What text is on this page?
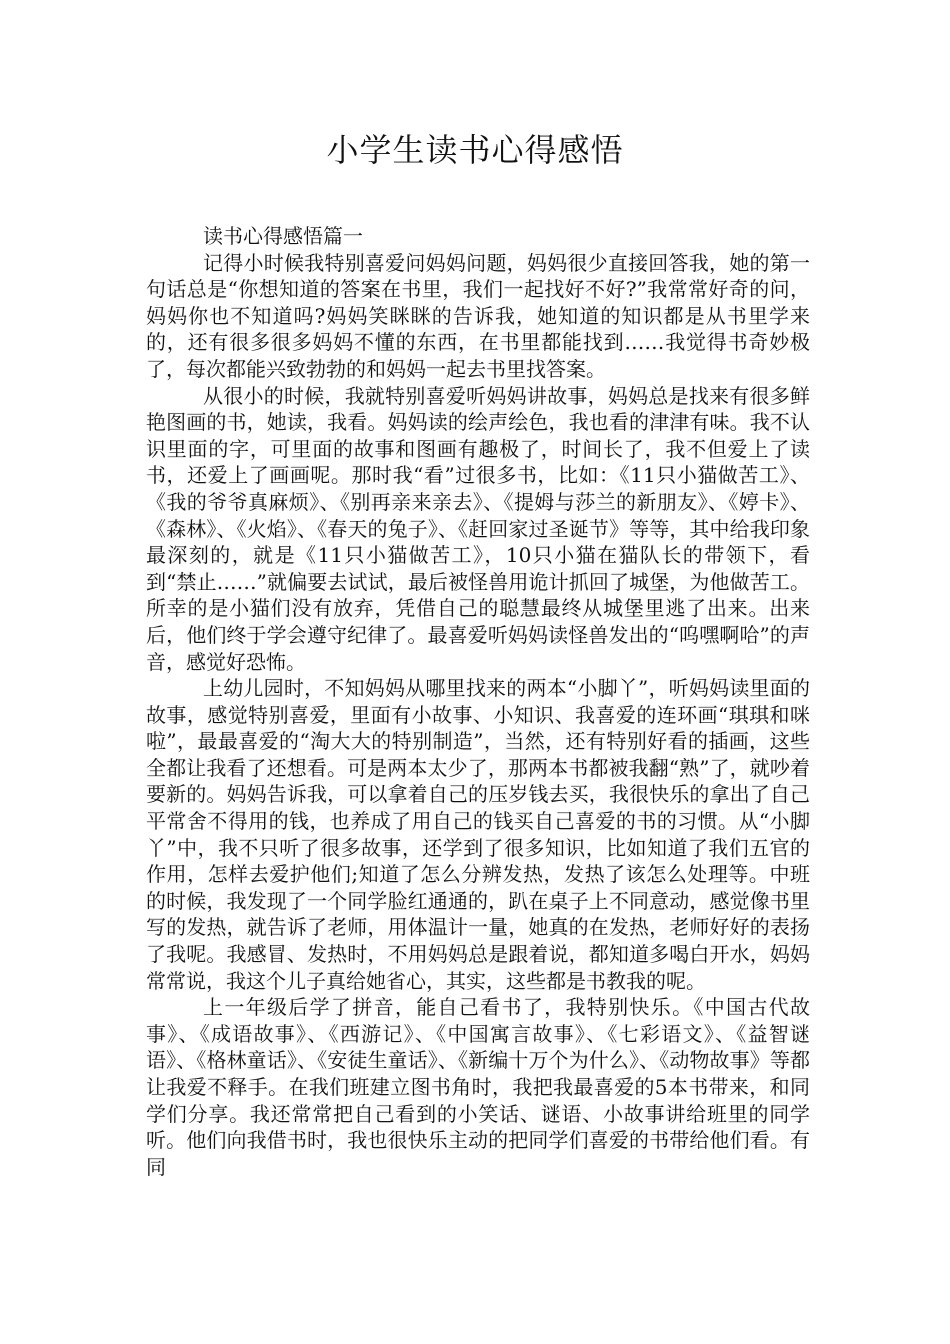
小学生读书心得感悟

读书心得感悟篇一

记得小时候我特别喜爱问妈妈问题，妈妈很少直接回答我，她的第一句话总是“你想知道的答案在书里，我们一起找好不好?”我常常好奇的问，妈妈你也不知道吗?妈妈笑眯眯的告诉我，她知道的知识都是从书里学来的，还有很多很多妈妈不懂的东西，在书里都能找到……我觉得书奇妙极了，每次都能兴致勃勃的和妈妈一起去书里找答案。

从很小的时候，我就特别喜爱听妈妈讲故事，妈妈总是找来有很多鲜艳图画的书，她读，我看。妈妈读的绘声绘色，我也看的津津有味。我不认识里面的字，可里面的故事和图画有趣极了，时间长了，我不但爱上了读书，还爱上了画画呢。那时我“看”过很多书，比如：《11只小猫做苦工》、《我的爷爷真麻烦》、《别再亲来亲去》、《提姆与莎兰的新朋友》、《婷卡》、《森林》、《火焰》、《春天的兔子》、《赶回家过圣诞节》等等，其中给我印象最深刻的，就是《11只小猫做苦工》，10只小猫在猫队长的带领下，看到“禁止……”就偏要去试试，最后被怪兽用诡计抓回了城堡，为他做苦工。所幸的是小猫们没有放弃，凭借自己的聪慧最终从城堡里逃了出来。出来后，他们终于学会遵守纪律了。最喜爱听妈妈读怪兽发出的“呜嘿啊哈”的声音，感觉好恐怖。

上幼儿园时，不知妈妈从哪里找来的两本“小脚丫”，听妈妈读里面的故事，感觉特别喜爱，里面有小故事、小知识、我喜爱的连环画“琪琪和咪啦”，最最喜爱的“淘大大的特别制造”，当然，还有特别好看的插画，这些全都让我看了还想看。可是两本太少了，那两本书都被我翻“熟”了，就吵着要新的。妈妈告诉我，可以拿着自己的压岁钱去买，我很快乐的拿出了自己平常舍不得用的钱，也养成了用自己的钱买自己喜爱的书的习惯。从“小脚丫”中，我不只听了很多故事，还学到了很多知识，比如知道了我们五官的作用，怎样去爱护他们;知道了怎么分辨发热，发热了该怎么处理等。中班的时候，我发现了一个同学脸红通通的，趴在桌子上不同意动，感觉像书里写的发热，就告诉了老师，用体温计一量，她真的在发热，老师好好的表扬了我呢。我感冒、发热时，不用妈妈总是跟着说，都知道多喝白开水，妈妈常常说，我这个儿子真给她省心，其实，这些都是书教我的呢。

上一年级后学了拼音，能自己看书了，我特别快乐。《中国古代故事》、《成语故事》、《西游记》、《中国寓言故事》、《七彩语文》、《益智谜语》、《格林童话》、《安徒生童话》、《新编十万个为什么》、《动物故事》等都让我爱不释手。在我们班建立图书角时，我把我最喜爱的5本书带来，和同学们分享。我还常常把自己看到的小笑话、谜语、小故事讲给班里的同学听。他们向我借书时，我也很快乐主动的把同学们喜爱的书带给他们看。有同
